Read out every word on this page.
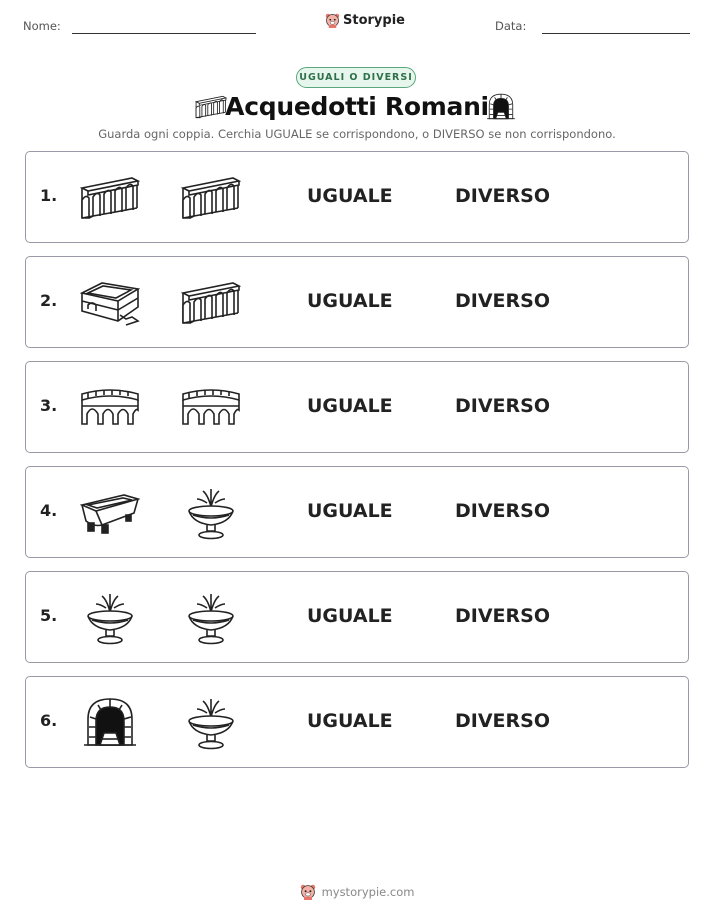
Nome:	Storypie	Data:
UGUALI O DIVERSI
Acquedotti Romani
Guarda ogni coppia. Cerchia UGUALE se corrispondono, o DIVERSO se non corrispondono.
1.	UGUALE	DIVERSO
2.	UGUALE	DIVERSO
3.	UGUALE	DIVERSO
4.	UGUALE	DIVERSO
5.	UGUALE	DIVERSO
6.	UGUALE	DIVERSO
mystorypie.com
